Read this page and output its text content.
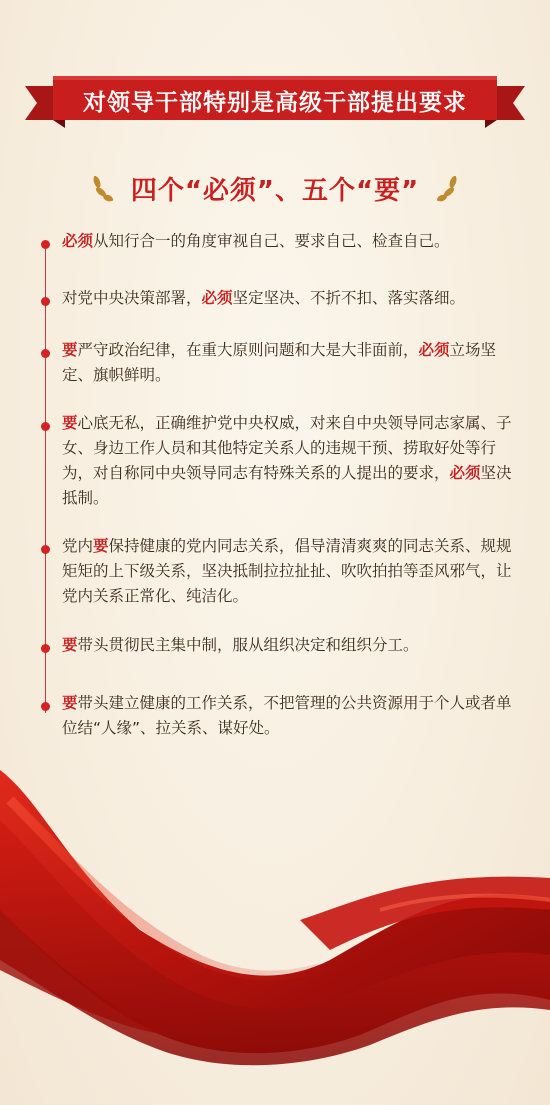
对领导干部特别是高级干部提出要求
四个“必须”、五个“要”

必须从知行合一的角度审视自己、要求自己、检查自己。

对党中央决策部署，必须坚定坚决、不折不扣、落实落细。

要严守政治纪律，在重大原则问题和大是大非面前，必须立场坚定、旗帜鲜明。

要心底无私，正确维护党中央权威，对来自中央领导同志家属、子女、身边工作人员和其他特定关系人的违规干预、捞取好处等行为，对自称同中央领导同志有特殊关系的人提出的要求，必须坚决抵制。

党内要保持健康的党内同志关系，倡导清清爽爽的同志关系、规规矩矩的上下级关系，坚决抵制拉拉扯扯、吹吹拍拍等歪风邪气，让党内关系正常化、纯洁化。

要带头贯彻民主集中制，服从组织决定和组织分工。

要带头建立健康的工作关系，不把管理的公共资源用于个人或者单位结“人缘”、拉关系、谋好处。
